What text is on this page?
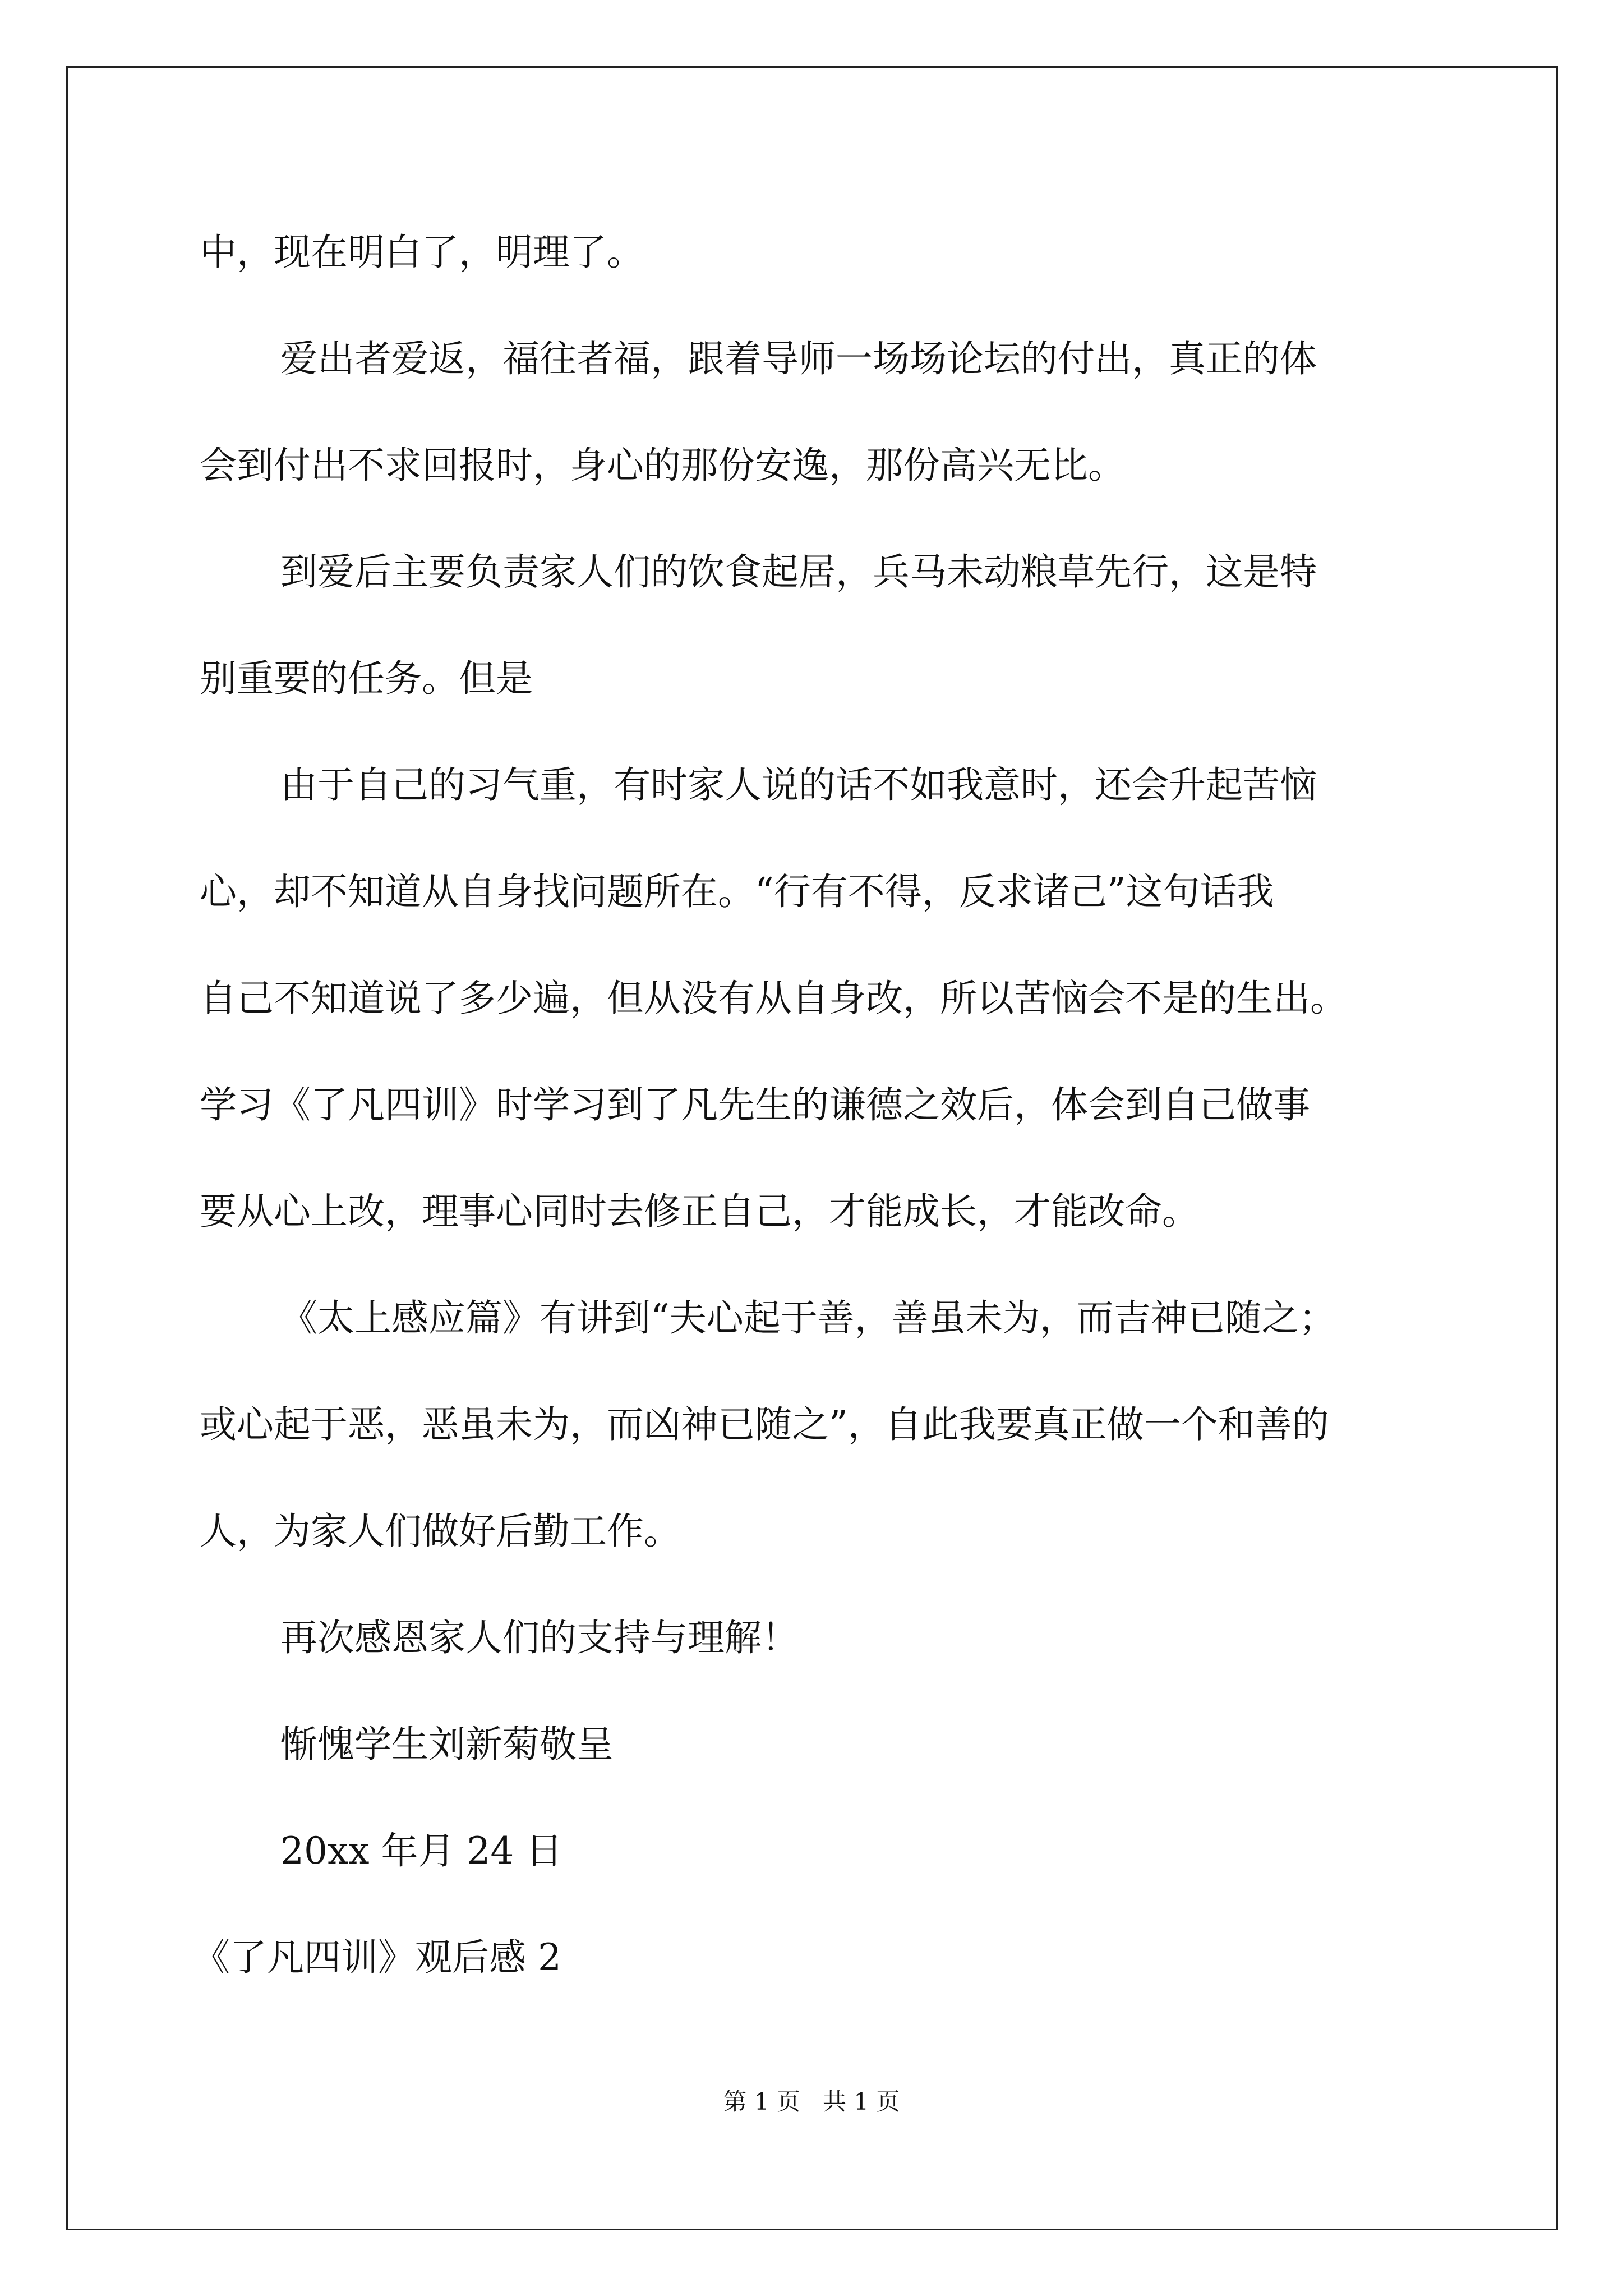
中，现在明白了，明理了。
爱出者爱返，福往者福，跟着导师一场场论坛的付出，真正的体
会到付出不求回报时，身心的那份安逸，那份高兴无比。
到爱后主要负责家人们的饮食起居，兵马未动粮草先行，这是特
别重要的任务。但是
由于自己的习气重，有时家人说的话不如我意时，还会升起苦恼
心，却不知道从自身找问题所在。“行有不得，反求诸己”这句话我
自己不知道说了多少遍，但从没有从自身改，所以苦恼会不是的生出。
学习《了凡四训》时学习到了凡先生的谦德之效后，体会到自己做事
要从心上改，理事心同时去修正自己，才能成长，才能改命。
《太上感应篇》有讲到“夫心起于善，善虽未为，而吉神已随之；
或心起于恶，恶虽未为，而凶神已随之”，自此我要真正做一个和善的
人，为家人们做好后勤工作。
再次感恩家人们的支持与理解！
惭愧学生刘新菊敬呈
20xx 年月 24 日
《了凡四训》观后感 2
第 1 页   共 1 页
